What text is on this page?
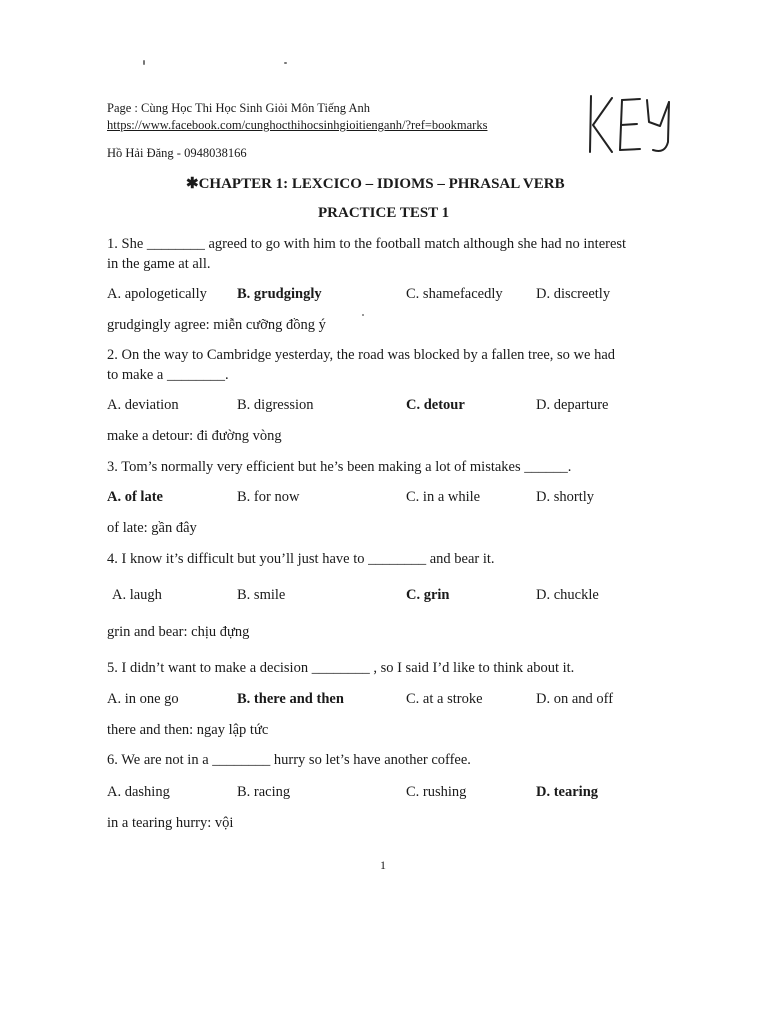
Page : Cùng Học Thi Học Sinh Giỏi Môn Tiếng Anh
https://www.facebook.com/cunghocthihocsinhgioitienganh/?ref=bookmarks
Hồ Hải Đăng - 0948038166
✱CHAPTER 1: LEXCICO – IDIOMS – PHRASAL VERB
PRACTICE TEST 1
1. She ________ agreed to go with him to the football match although she had no interest
in the game at all.
A. apologetically B. grudgingly	C. shamefacedly D. discreetly
grudgingly agree: miễn cưỡng đồng ý
2. On the way to Cambridge yesterday, the road was blocked by a fallen tree, so we had
to make a ________.
A. deviation	B. digression	C. detour	D. departure
make a detour: đi đường vòng
3. Tom’s normally very efficient but he’s been making a lot of mistakes ______.
A. of late	B. for now	C. in a while	D. shortly
of late: gần đây
4. I know it’s difficult but you’ll just have to ________ and bear it.
A. laugh	B. smile	C. grin	D. chuckle
grin and bear: chịu đựng
5. I didn’t want to make a decision ________ , so I said I’d like to think about it.
A. in one go	B. there and then	C. at a stroke	D. on and off
there and then: ngay lập tức
6. We are not in a ________ hurry so let’s have another coffee.
A. dashing	B. racing	C. rushing	D. tearing
in a tearing hurry: vội
1
